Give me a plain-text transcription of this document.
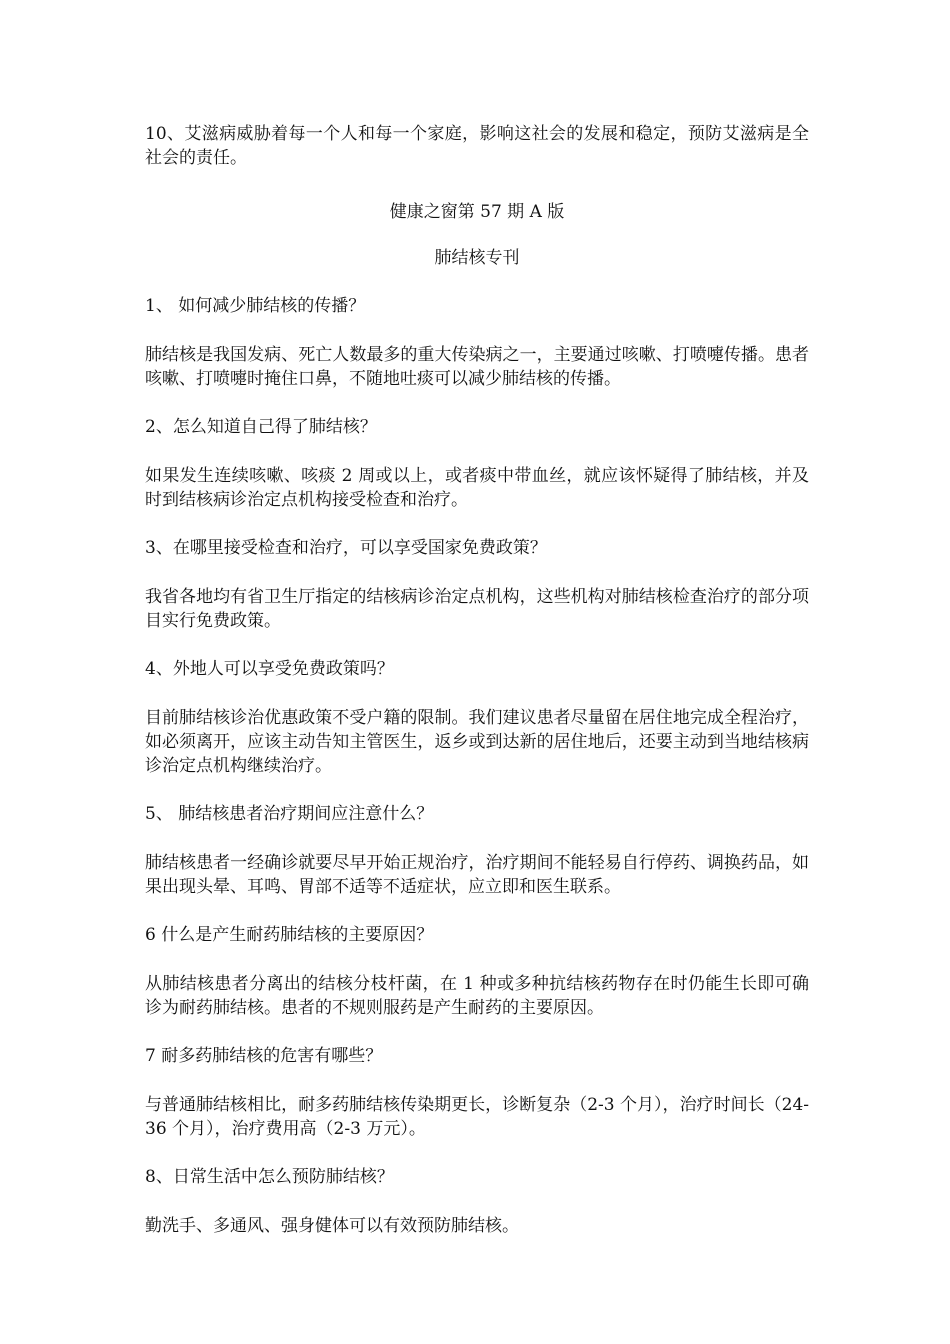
10、艾滋病威胁着每一个人和每一个家庭，影响这社会的发展和稳定，预防艾滋病是全社会的责任。

健康之窗第 57 期 A 版

肺结核专刊

1、 如何减少肺结核的传播？

肺结核是我国发病、死亡人数最多的重大传染病之一，主要通过咳嗽、打喷嚏传播。患者咳嗽、打喷嚏时掩住口鼻，不随地吐痰可以减少肺结核的传播。

2、怎么知道自己得了肺结核？

如果发生连续咳嗽、咳痰 2 周或以上，或者痰中带血丝，就应该怀疑得了肺结核，并及时到结核病诊治定点机构接受检查和治疗。

3、在哪里接受检查和治疗，可以享受国家免费政策？

我省各地均有省卫生厅指定的结核病诊治定点机构，这些机构对肺结核检查治疗的部分项目实行免费政策。

4、外地人可以享受免费政策吗？

目前肺结核诊治优惠政策不受户籍的限制。我们建议患者尽量留在居住地完成全程治疗，如必须离开，应该主动告知主管医生，返乡或到达新的居住地后，还要主动到当地结核病诊治定点机构继续治疗。

5、 肺结核患者治疗期间应注意什么？

肺结核患者一经确诊就要尽早开始正规治疗，治疗期间不能轻易自行停药、调换药品，如果出现头晕、耳鸣、胃部不适等不适症状，应立即和医生联系。

6 什么是产生耐药肺结核的主要原因？

从肺结核患者分离出的结核分枝杆菌，在 1 种或多种抗结核药物存在时仍能生长即可确诊为耐药肺结核。患者的不规则服药是产生耐药的主要原因。

7 耐多药肺结核的危害有哪些？

与普通肺结核相比，耐多药肺结核传染期更长，诊断复杂（2-3 个月），治疗时间长（24-36 个月），治疗费用高（2-3 万元）。

8、日常生活中怎么预防肺结核？

勤洗手、多通风、强身健体可以有效预防肺结核。
